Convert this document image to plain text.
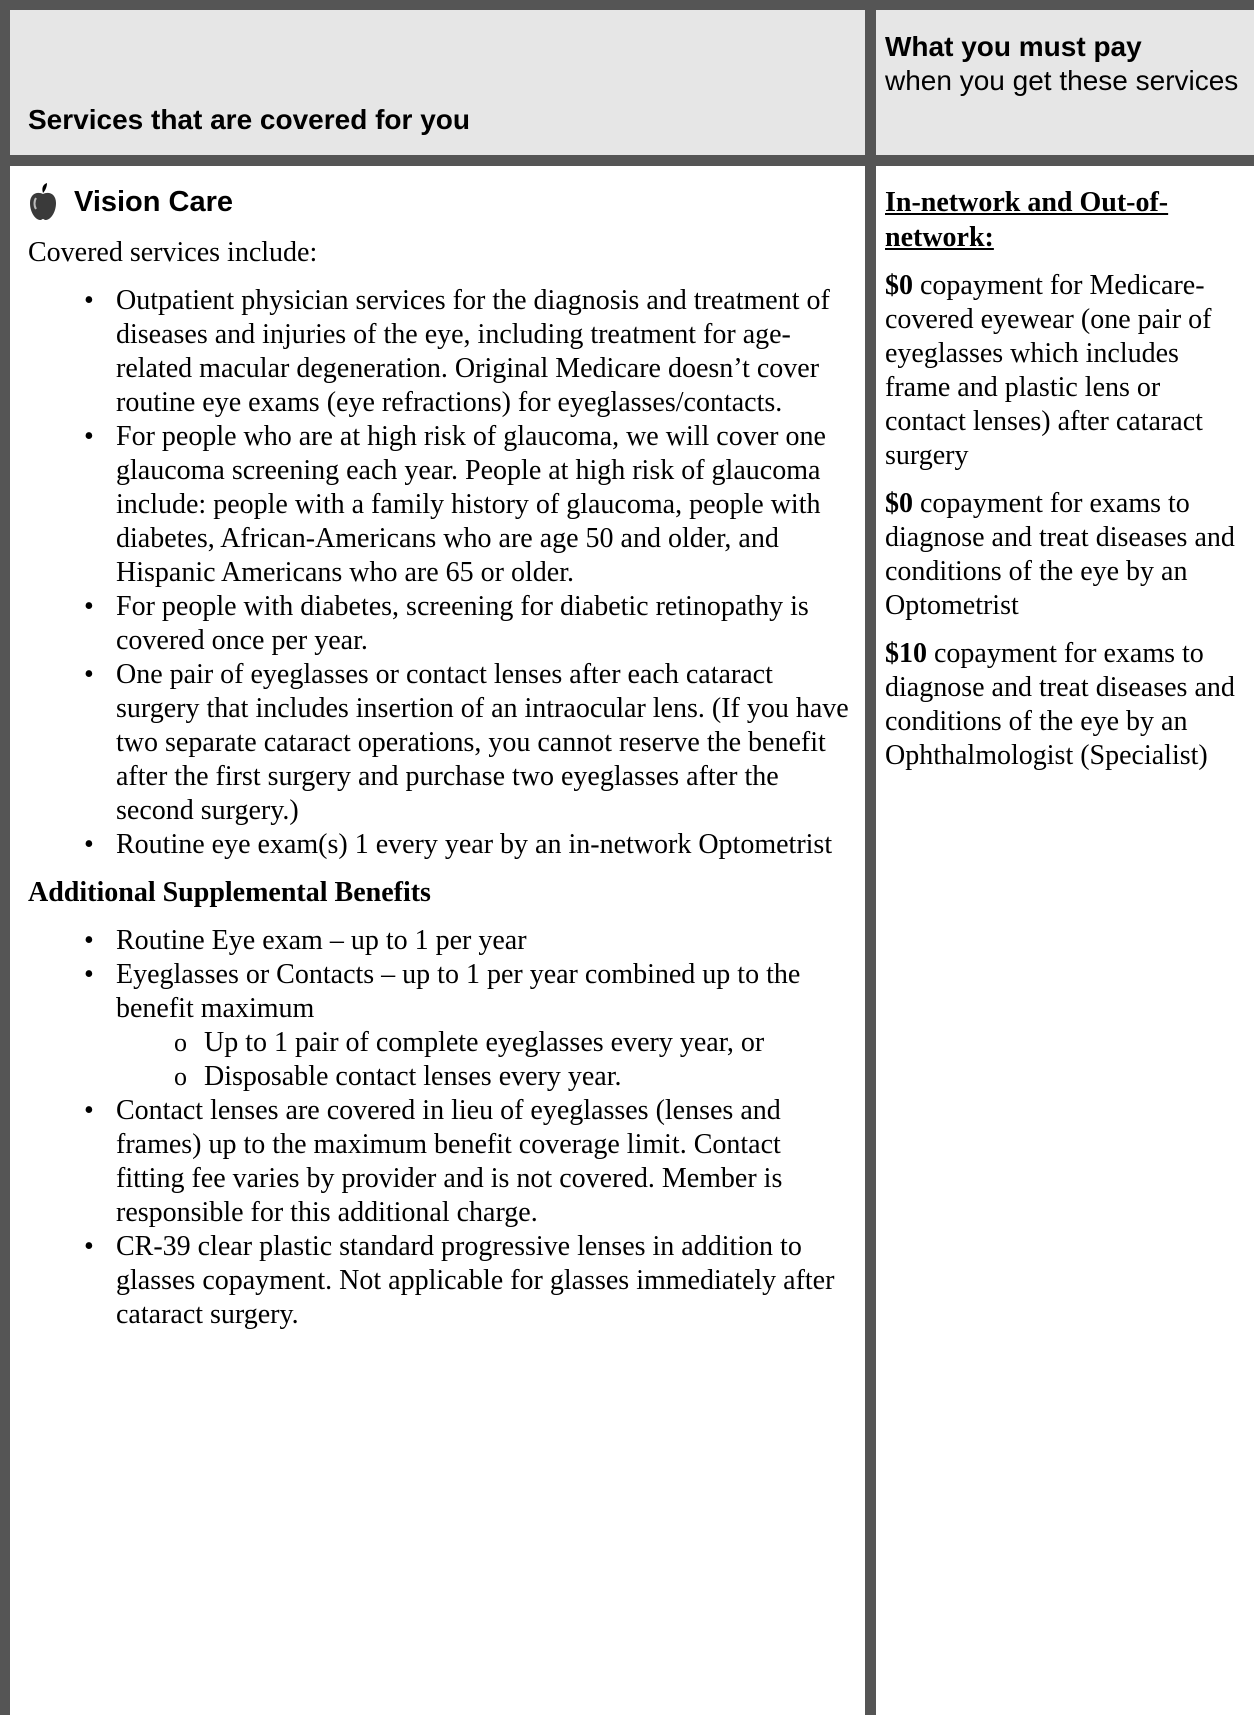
Services that are covered for you
What you must pay
when you get these services
Vision Care
Covered services include:
• Outpatient physician services for the diagnosis and treatment of diseases and injuries of the eye, including treatment for age-related macular degeneration. Original Medicare doesn’t cover routine eye exams (eye refractions) for eyeglasses/contacts.
• For people who are at high risk of glaucoma, we will cover one glaucoma screening each year. People at high risk of glaucoma include: people with a family history of glaucoma, people with diabetes, African-Americans who are age 50 and older, and Hispanic Americans who are 65 or older.
• For people with diabetes, screening for diabetic retinopathy is covered once per year.
• One pair of eyeglasses or contact lenses after each cataract surgery that includes insertion of an intraocular lens. (If you have two separate cataract operations, you cannot reserve the benefit after the first surgery and purchase two eyeglasses after the second surgery.)
• Routine eye exam(s) 1 every year by an in-network Optometrist
Additional Supplemental Benefits
• Routine Eye exam – up to 1 per year
• Eyeglasses or Contacts – up to 1 per year combined up to the benefit maximum
o Up to 1 pair of complete eyeglasses every year, or
o Disposable contact lenses every year.
• Contact lenses are covered in lieu of eyeglasses (lenses and frames) up to the maximum benefit coverage limit. Contact fitting fee varies by provider and is not covered. Member is responsible for this additional charge.
• CR-39 clear plastic standard progressive lenses in addition to glasses copayment. Not applicable for glasses immediately after cataract surgery.
In-network and Out-of-network:
$0 copayment for Medicare-covered eyewear (one pair of eyeglasses which includes frame and plastic lens or contact lenses) after cataract surgery
$0 copayment for exams to diagnose and treat diseases and conditions of the eye by an Optometrist
$10 copayment for exams to diagnose and treat diseases and conditions of the eye by an Ophthalmologist (Specialist)
